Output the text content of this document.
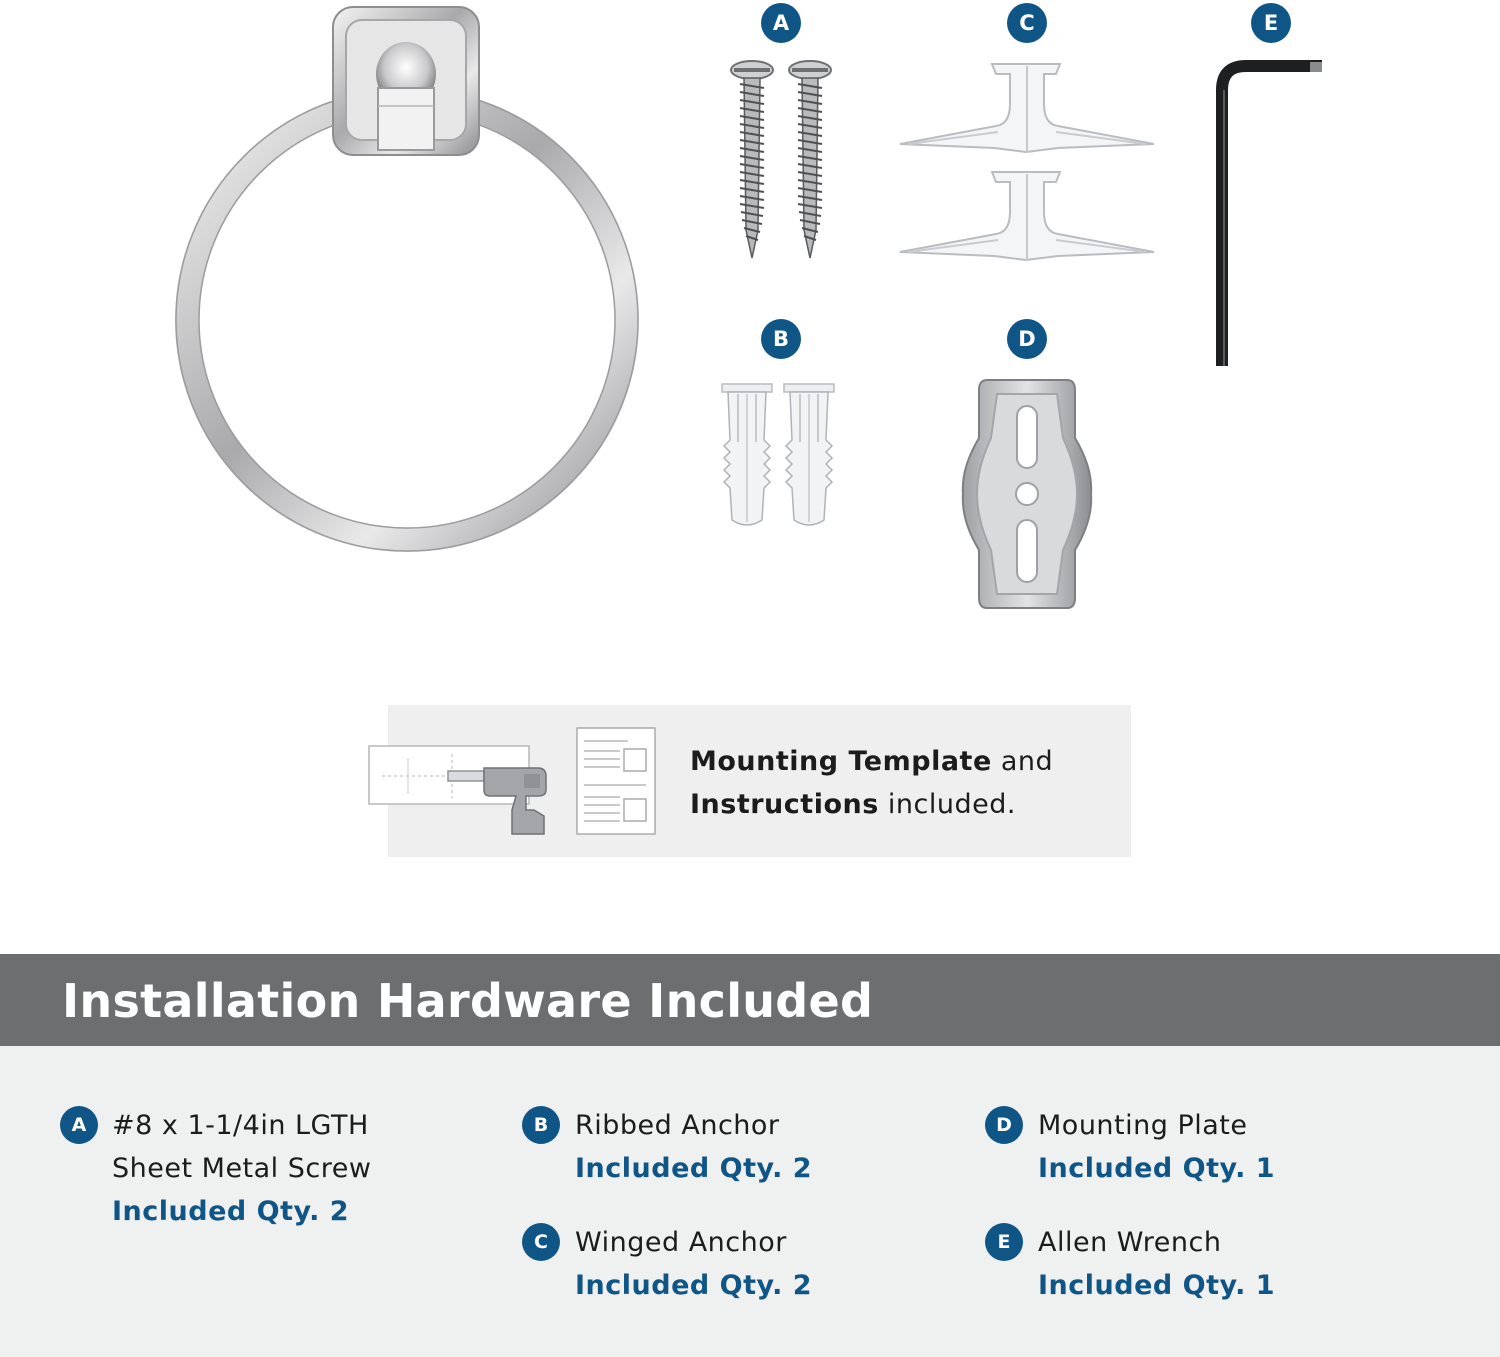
A	C	E
B	D
Mounting Template and
Instructions included.
Installation Hardware Included
A #8 x 1-1/4in LGTH
Sheet Metal Screw
Included Qty. 2
B Ribbed Anchor
Included Qty. 2
C	Winged Anchor
Included Qty. 2
D Mounting Plate
Included Qty. 1
E	Allen Wrench
Included Qty. 1
